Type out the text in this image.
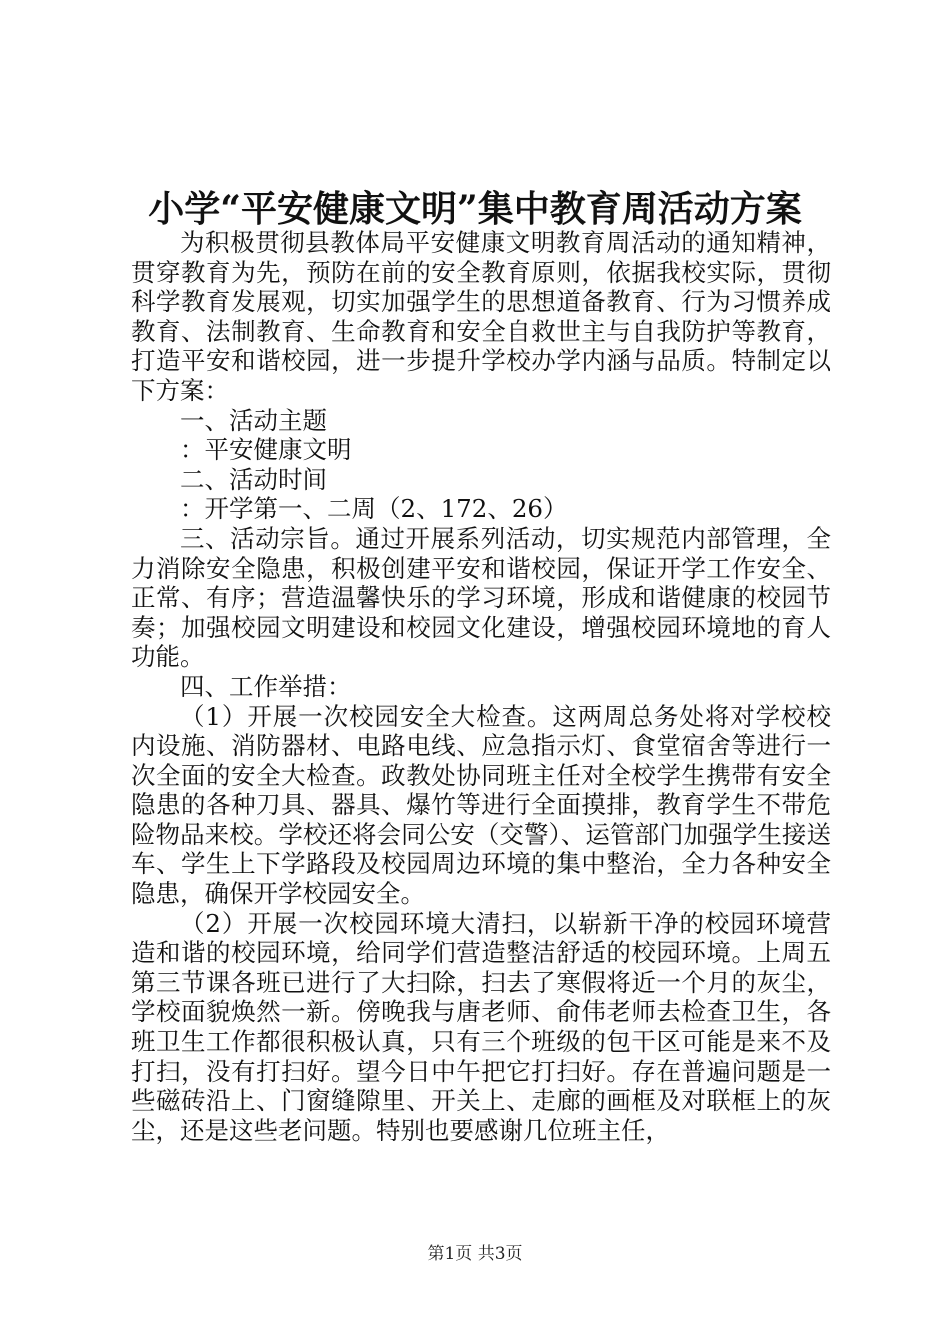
小学“平安健康文明”集中教育周活动方案

为积极贯彻县教体局平安健康文明教育周活动的通知精神，贯穿教育为先，预防在前的安全教育原则，依据我校实际，贯彻科学教育发展观，切实加强学生的思想道备教育、行为习惯养成教育、法制教育、生命教育和安全自救世主与自我防护等教育，打造平安和谐校园，进一步提升学校办学内涵与品质。特制定以下方案：

一、活动主题

：平安健康文明

二、活动时间

：开学第一、二周（2、172、26）

三、活动宗旨。通过开展系列活动，切实规范内部管理，全力消除安全隐患，积极创建平安和谐校园，保证开学工作安全、正常、有序；营造温馨快乐的学习环境，形成和谐健康的校园节奏；加强校园文明建设和校园文化建设，增强校园环境地的育人功能。

四、工作举措：

（1）开展一次校园安全大检查。这两周总务处将对学校校内设施、消防器材、电路电线、应急指示灯、食堂宿舍等进行一次全面的安全大检查。政教处协同班主任对全校学生携带有安全隐患的各种刀具、器具、爆竹等进行全面摸排，教育学生不带危险物品来校。学校还将会同公安（交警）、运管部门加强学生接送车、学生上下学路段及校园周边环境的集中整治，全力各种安全隐患，确保开学校园安全。

（2）开展一次校园环境大清扫，以崭新干净的校园环境营造和谐的校园环境，给同学们营造整洁舒适的校园环境。上周五第三节课各班已进行了大扫除，扫去了寒假将近一个月的灰尘，学校面貌焕然一新。傍晚我与唐老师、俞伟老师去检查卫生，各班卫生工作都很积极认真，只有三个班级的包干区可能是来不及打扫，没有打扫好。望今日中午把它打扫好。存在普遍问题是一些磁砖沿上、门窗缝隙里、开关上、走廊的画框及对联框上的灰尘，还是这些老问题。特别也要感谢几位班主任，

第1页 共3页
